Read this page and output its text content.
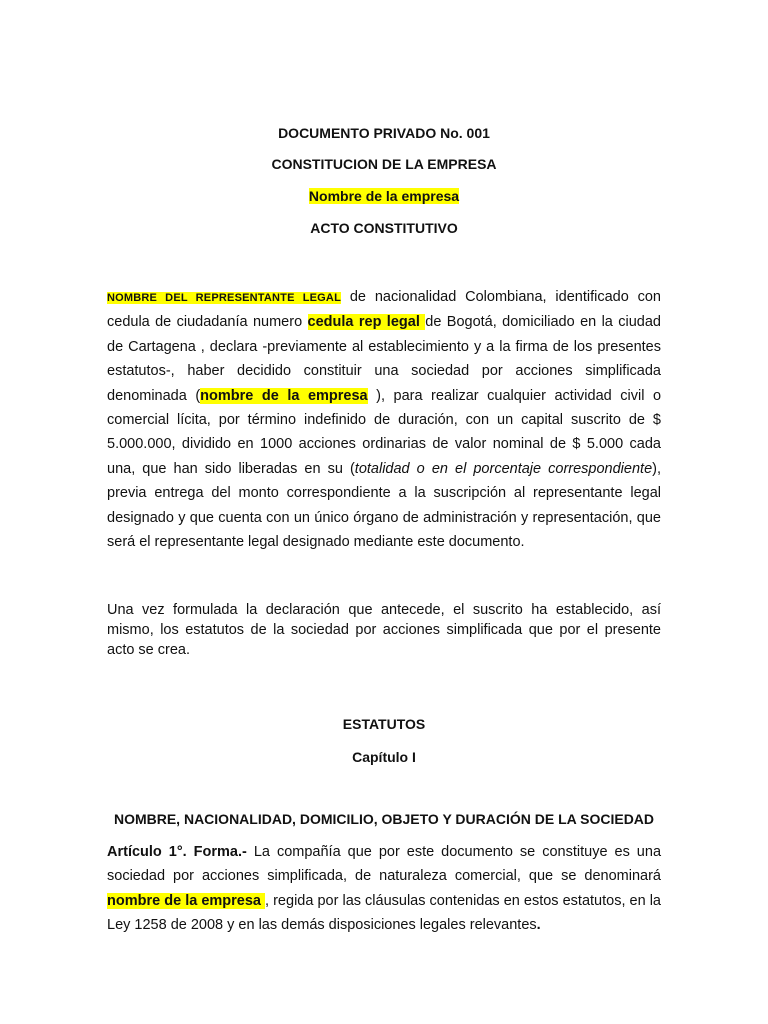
DOCUMENTO PRIVADO No. 001
CONSTITUCION DE LA EMPRESA
Nombre de la empresa
ACTO CONSTITUTIVO

NOMBRE DEL REPRESENTANTE LEGAL de nacionalidad Colombiana, identificado con cedula de ciudadanía numero cedula rep legal de Bogotá, domiciliado en la ciudad de Cartagena , declara -previamente al establecimiento y a la firma de los presentes estatutos-, haber decidido constituir una sociedad por acciones simplificada denominada (nombre de la empresa ), para realizar cualquier actividad civil o comercial lícita, por término indefinido de duración, con un capital suscrito de $ 5.000.000, dividido en 1000 acciones ordinarias de valor nominal de $ 5.000 cada una, que han sido liberadas en su (totalidad o en el porcentaje correspondiente), previa entrega del monto correspondiente a la suscripción al representante legal designado y que cuenta con un único órgano de administración y representación, que será el representante legal designado mediante este documento.

Una vez formulada la declaración que antecede, el suscrito ha establecido, así mismo, los estatutos de la sociedad por acciones simplificada que por el presente acto se crea.

ESTATUTOS
Capítulo I
NOMBRE, NACIONALIDAD, DOMICILIO, OBJETO Y DURACIÓN DE LA SOCIEDAD

Artículo 1°. Forma.- La compañía que por este documento se constituye es una sociedad por acciones simplificada, de naturaleza comercial, que se denominará nombre de la empresa , regida por las cláusulas contenidas en estos estatutos, en la Ley 1258 de 2008 y en las demás disposiciones legales relevantes.
